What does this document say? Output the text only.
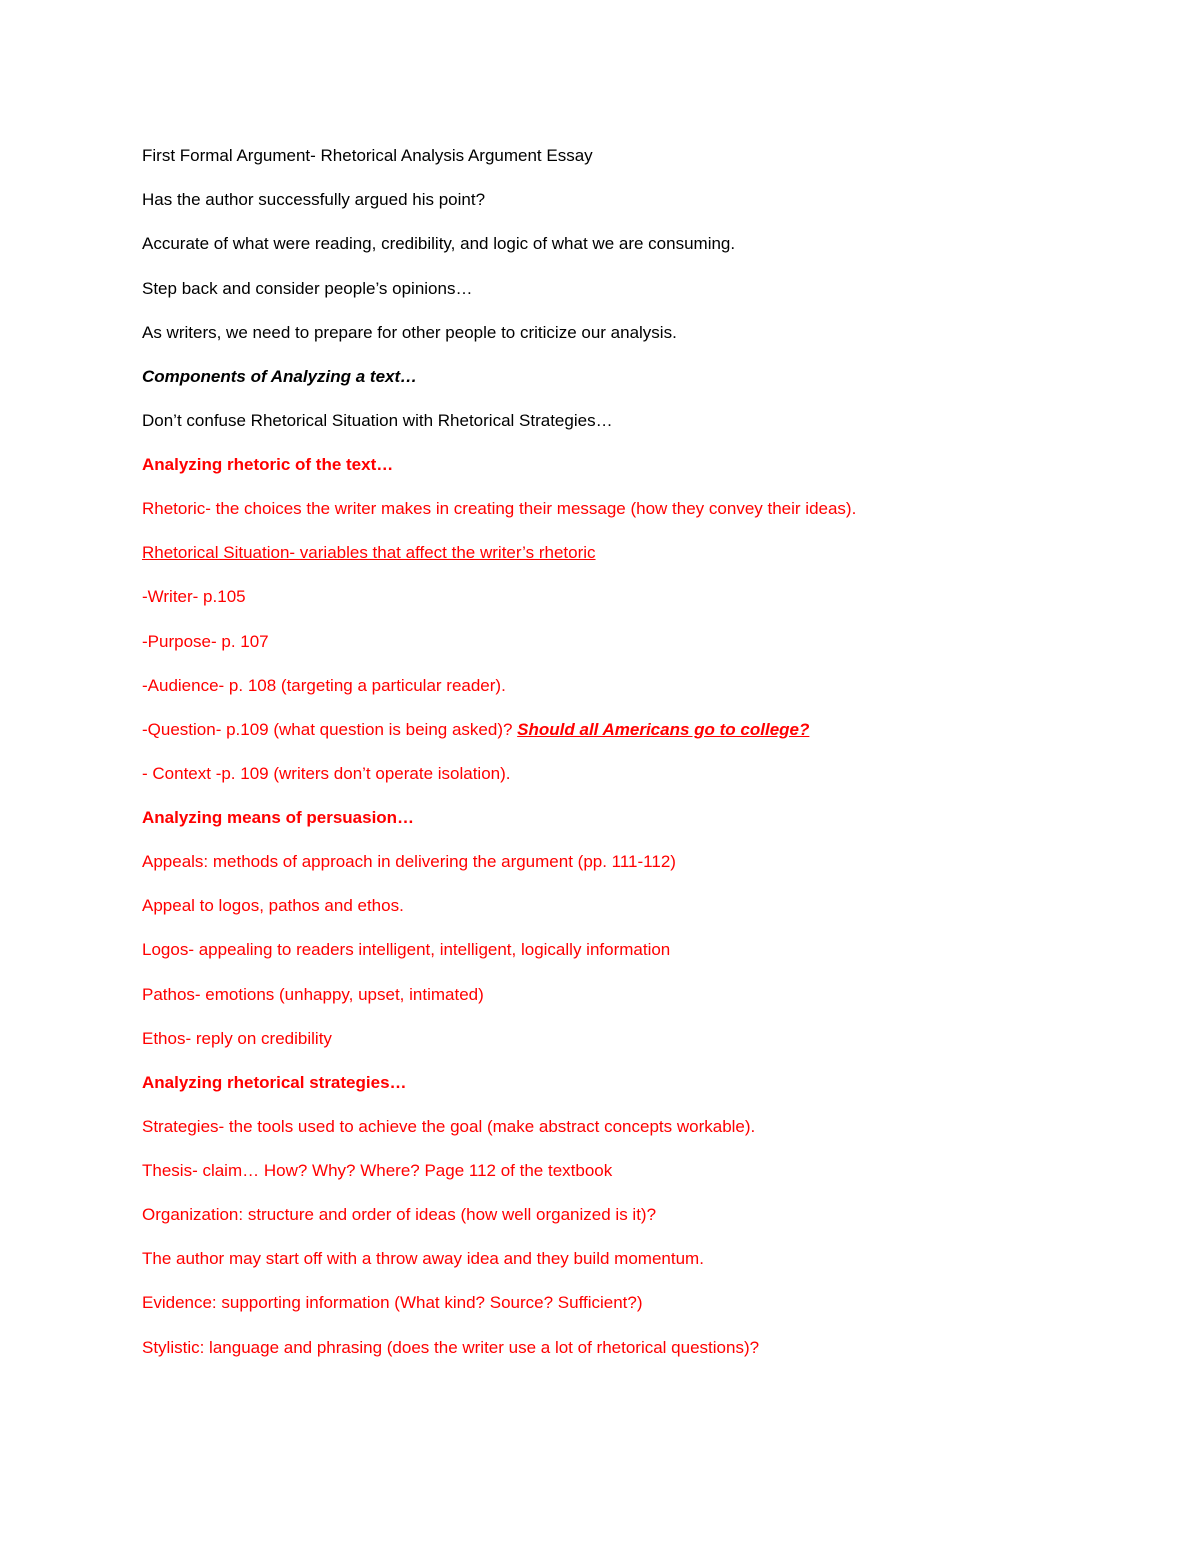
First Formal Argument- Rhetorical Analysis Argument Essay
Has the author successfully argued his point?
Accurate of what were reading, credibility, and logic of what we are consuming.
Step back and consider people’s opinions…
As writers, we need to prepare for other people to criticize our analysis.
Components of Analyzing a text…
Don’t confuse Rhetorical Situation with Rhetorical Strategies…
Analyzing rhetoric of the text…
Rhetoric- the choices the writer makes in creating their message (how they convey their ideas).
Rhetorical Situation- variables that affect the writer’s rhetoric
-Writer- p.105
-Purpose- p. 107
-Audience- p. 108 (targeting a particular reader).
-Question- p.109 (what question is being asked)? Should all Americans go to college?
- Context -p. 109 (writers don’t operate isolation).
Analyzing means of persuasion…
Appeals: methods of approach in delivering the argument (pp. 111-112)
Appeal to logos, pathos and ethos.
Logos- appealing to readers intelligent, intelligent, logically information
Pathos- emotions (unhappy, upset, intimated)
Ethos- reply on credibility
Analyzing rhetorical strategies…
Strategies- the tools used to achieve the goal (make abstract concepts workable).
Thesis- claim… How? Why? Where? Page 112 of the textbook
Organization: structure and order of ideas (how well organized is it)?
The author may start off with a throw away idea and they build momentum.
Evidence: supporting information (What kind? Source? Sufficient?)
Stylistic: language and phrasing (does the writer use a lot of rhetorical questions)?
